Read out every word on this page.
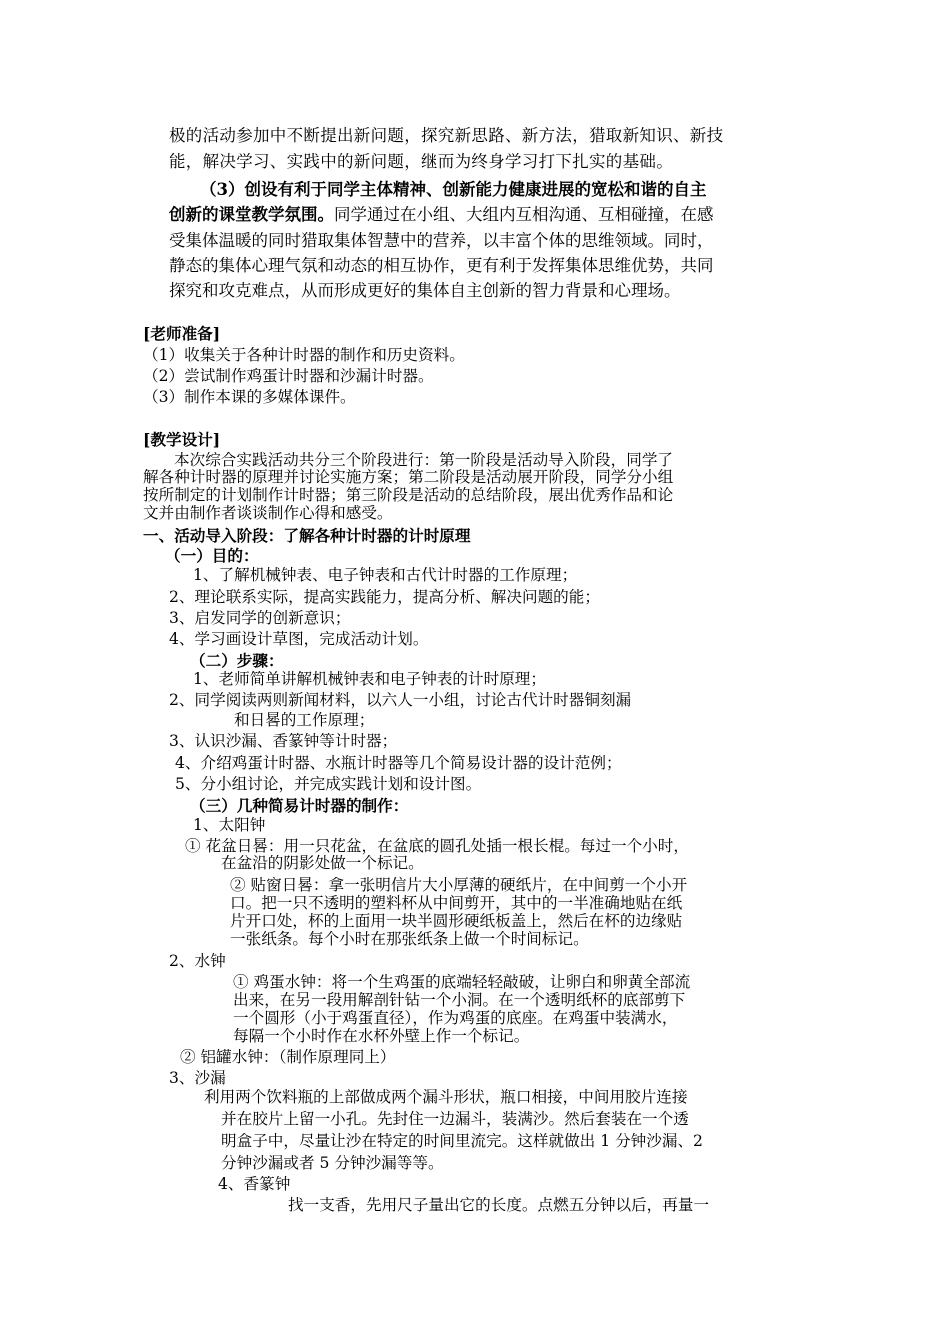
极的活动参加中不断提出新问题，探究新思路、新方法，猎取新知识、新技
能，解决学习、实践中的新问题，继而为终身学习打下扎实的基础。
（3）创设有利于同学主体精神、创新能力健康进展的宽松和谐的自主
创新的课堂教学氛围。同学通过在小组、大组内互相沟通、互相碰撞，在感
受集体温暖的同时猎取集体智慧中的营养，以丰富个体的思维领域。同时，
静态的集体心理气氛和动态的相互协作，更有利于发挥集体思维优势，共同
探究和攻克难点，从而形成更好的集体自主创新的智力背景和心理场。
[老师准备]
（1）收集关于各种计时器的制作和历史资料。
（2）尝试制作鸡蛋计时器和沙漏计时器。
（3）制作本课的多媒体课件。
[教学设计]
本次综合实践活动共分三个阶段进行：第一阶段是活动导入阶段，同学了
解各种计时器的原理并讨论实施方案；第二阶段是活动展开阶段，同学分小组
按所制定的计划制作计时器；第三阶段是活动的总结阶段，展出优秀作品和论
文并由制作者谈谈制作心得和感受。
一、活动导入阶段：了解各种计时器的计时原理
（一）目的：
1、了解机械钟表、电子钟表和古代计时器的工作原理；
2、理论联系实际，提高实践能力，提高分析、解决问题的能；
3、启发同学的创新意识；
4、学习画设计草图，完成活动计划。
（二）步骤：
1、老师简单讲解机械钟表和电子钟表的计时原理；
2、同学阅读两则新闻材料，以六人一小组，讨论古代计时器铜刻漏
和日晷的工作原理；
3、认识沙漏、香篆钟等计时器；
4、介绍鸡蛋计时器、水瓶计时器等几个简易设计器的设计范例；
5、分小组讨论，并完成实践计划和设计图。
（三）几种简易计时器的制作：
1、太阳钟
① 花盆日晷：用一只花盆，在盆底的圆孔处插一根长棍。每过一个小时，
在盆沿的阴影处做一个标记。
② 贴窗日晷：拿一张明信片大小厚薄的硬纸片，在中间剪一个小开
口。把一只不透明的塑料杯从中间剪开，其中的一半准确地贴在纸
片开口处，杯的上面用一块半圆形硬纸板盖上，然后在杯的边缘贴
一张纸条。每个小时在那张纸条上做一个时间标记。
2、水钟
① 鸡蛋水钟：将一个生鸡蛋的底端轻轻敲破，让卵白和卵黄全部流
出来，在另一段用解剖针钻一个小洞。在一个透明纸杯的底部剪下
一个圆形（小于鸡蛋直径），作为鸡蛋的底座。在鸡蛋中装满水，
每隔一个小时作在水杯外壁上作一个标记。
② 铝罐水钟：（制作原理同上）
3、沙漏
利用两个饮料瓶的上部做成两个漏斗形状，瓶口相接，中间用胶片连接
并在胶片上留一小孔。先封住一边漏斗，装满沙。然后套装在一个透
明盒子中，尽量让沙在特定的时间里流完。这样就做出 1 分钟沙漏、2
分钟沙漏或者 5 分钟沙漏等等。
4、香篆钟
找一支香，先用尺子量出它的长度。点燃五分钟以后，再量一
